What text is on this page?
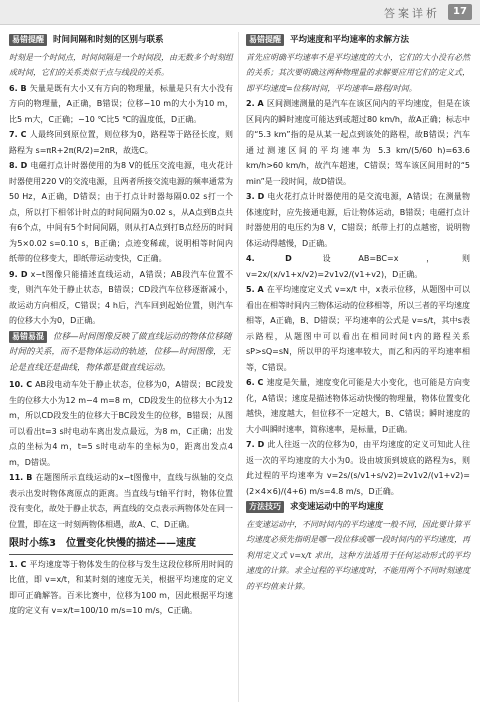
答案详析	17
易错提醒 时间间隔和时刻的区别与联系

时刻是一个时间点，时间间隔是一个时间段，由无数多个时刻组成时间，它们的关系类似于点与线段的关系。

6. B 矢量是既有大小又有方向的物理量，标量是只有大小没有方向的物理量，A正确，B错误；位移−10 m的大小为10 m，比5 m大，C正确；−10 ℃比5 ℃的温度低，D正确。

7. C 人最终回到原位置，则位移为0，路程等于路径长度，则路程为 s=πR+2π(R/2)=2πR，故选C。

8. D 电磁打点计时器使用的为8 V的低压交流电源，电火花计时器使用220 V的交流电源，且两者所接交流电源的频率通常为50 Hz，A正确，D错误；由于打点计时器每隔0.02 s打一个点，所以打下相邻计时点的时间间隔为0.02 s，从A点到B点共有6个点，中间有5个时间间隔，则从打A点到打B点经历的时间为5×0.02 s=0.10 s，B正确；点迹变稀疏，说明相等时间内纸带的位移变大，即纸带运动变快，C正确。

9. D x−t图像只能描述直线运动，A错误；AB段汽车位置不变，则汽车处于静止状态，B错误；CD段汽车位移逐渐减小，故运动方向相反，C错误；4 h后，汽车回到起始位置，则汽车的位移大小为0，D正确。

易错易混 位移—时间图像反映了做直线运动的物体位移随时间的关系，而不是物体运动的轨迹，位移—时间图像，无论是直线还是曲线，物体都是做直线运动。

10. C AB段电动车处于静止状态，位移为0，A错误；BC段发生的位移大小为12 m−4 m=8 m，CD段发生的位移大小为12 m，所以CD段发生的位移大于BC段发生的位移，B错误；从图可以看出t=3 s时电动车离出发点最远，为8 m，C正确；出发点的坐标为4 m，t=5 s时电动车的坐标为0，距离出发点4 m，D错误。

11. B 在题图所示直线运动的x−t图像中，直线与纵轴的交点表示出发时物体离原点的距离。当直线与t轴平行时，物体位置没有变化，故处于静止状态，两直线的交点表示两物体处在同一位置，即在这一时刻两物体相遇，故A、C、D正确。

限时小练3　位置变化快慢的描述——速度

1. C 平均速度等于物体发生的位移与发生这段位移所用时间的比值，即 v=x/t，和某时刻的速度无关，根据平均速度的定义即可正确解答。百米比赛中，位移为100 m，因此根据平均速度的定义有 v=x/t=100/10 m/s=10 m/s，C正确。

易错提醒 平均速度和平均速率的求解方法

首先应明确平均速率不是平均速度的大小，它们的大小没有必然的关系；其次要明确这两种物理量的求解要应用它们的定义式，即平均速度=位移/时间，平均速率=路程/时间。

2. A 区间测速测量的是汽车在该区间内的平均速度，但是在该区间内的瞬时速度可能达到或超过80 km/h，故A正确；标志中的“5.3 km”指的是从某一起点到该处的路程，故B错误；汽车通过测速区间的平均速率为 5.3 km/(5/60 h)=63.6 km/h>60 km/h，故汽车超速，C错误；驾车该区间用时的“5 min”是一段时间，故D错误。

3. D 电火花打点计时器使用的是交流电源，A错误；在测量物体速度时，应先接通电源，后让物体运动，B错误；电磁打点计时器使用的电压约为8 V，C错误；纸带上打的点越密，说明物体运动得越慢，D正确。

4. D 设AB=BC=x，则 v=2x/(x/v1+x/v2)=2v1v2/(v1+v2)，D正确。

5. A 在平均速度定义式 v=x/t 中，x表示位移，从题图中可以看出在相等时间内三物体运动的位移相等，所以三者的平均速度相等，A正确，B、D错误；平均速率的公式是 v=s/t，其中s表示路程，从题图中可以看出在相同时间t内的路程关系 sP>sQ=sN，所以甲的平均速率较大，而乙和丙的平均速率相等，C错误。

6. C 速度是矢量，速度变化可能是大小变化，也可能是方向变化，A错误；速度是描述物体运动快慢的物理量，物体位置变化越快，速度越大，但位移不一定越大，B、C错误；瞬时速度的大小叫瞬时速率，简称速率，是标量，D正确。

7. D 此人往返一次的位移为0，由平均速度的定义可知此人往返一次的平均速度的大小为0。设由坡顶到坡底的路程为s，则此过程的平均速率为 v=2s/(s/v1+s/v2)=2v1v2/(v1+v2)=(2×4×6)/(4+6) m/s=4.8 m/s，D正确。

方法技巧 求变速运动中的平均速度

在变速运动中，不同时间内的平均速度一般不同，因此要计算平均速度必须先指明是哪一段位移或哪一段时间内的平均速度，再利用定义式 v=x/t 求出，这种方法适用于任何运动形式的平均速度的计算。求全过程的平均速度时，不能用两个不同时刻速度的平均值来计算。
